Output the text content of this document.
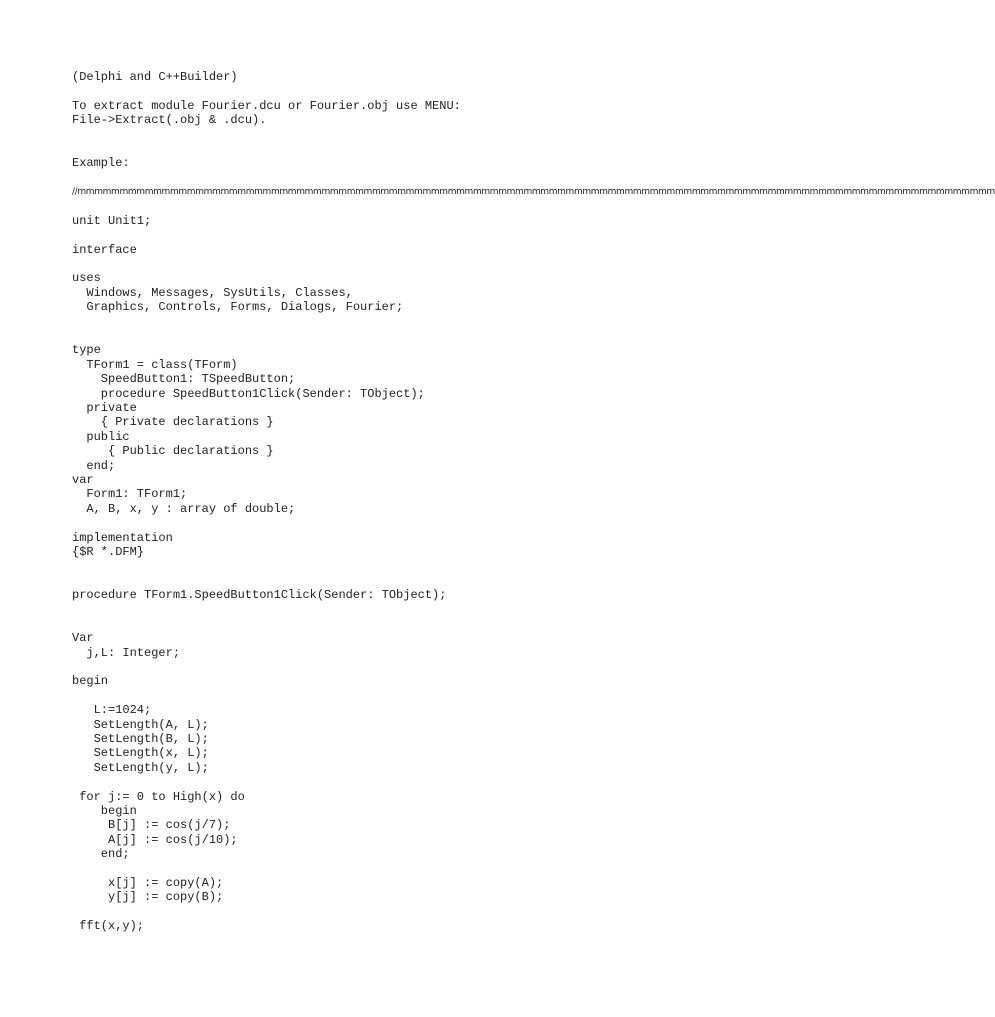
(Delphi and C++Builder)
To extract module Fourier.dcu or Fourier.obj use MENU:
File->Extract(.obj & .dcu).
Example:
//mmmmmmmmmmmmmmmmmmmmmmmmmmmmmmmmmmmmmmmmmmmmmmmmmmmmmmmmmmmmmmmmmmmmmmmmmmmmmmmmmmmmmmmmmmmmmmmmmmmmmmmmmmmmm
unit Unit1;
interface
uses
Windows, Messages, SysUtils, Classes,
Graphics, Controls, Forms, Dialogs, Fourier;
type
TForm1 = class(TForm)
SpeedButton1: TSpeedButton;
procedure SpeedButton1Click(Sender: TObject);
private
{ Private declarations }
public
{ Public declarations }
end;
var
Form1: TForm1;
A, B, x, y : array of double;
implementation
{$R *.DFM}
procedure TForm1.SpeedButton1Click(Sender: TObject);
Var
j,L: Integer;
begin
L:=1024;
SetLength(A, L);
SetLength(B, L);
SetLength(x, L);
SetLength(y, L);
for j:= 0 to High(x) do
begin
B[j] := cos(j/7);
A[j] := cos(j/10);
end;
x[j] := copy(A);
y[j] := copy(B);
fft(x,y);
